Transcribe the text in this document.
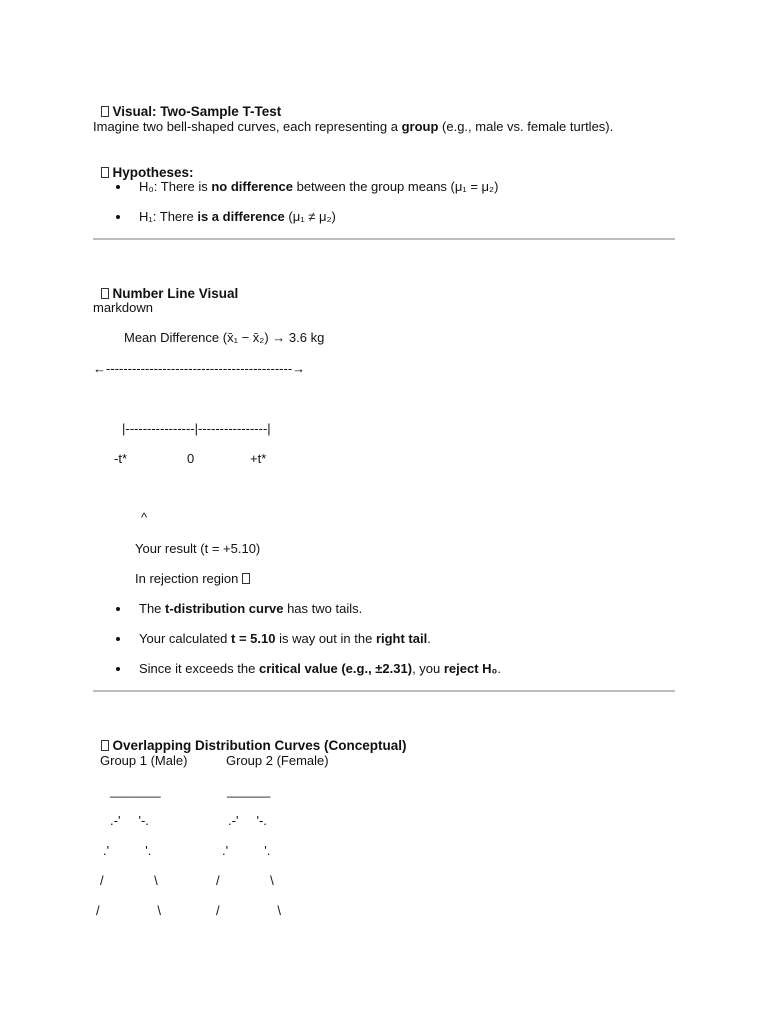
Visual: Two-Sample T-Test

Imagine two bell-shaped curves, each representing a group (e.g., male vs. female turtles).

Hypotheses:

H₀: There is no difference between the group means (μ₁ = μ₂)
H₁: There is a difference (μ₁ ≠ μ₂)

Number Line Visual

markdown
Mean Difference (x̄₁ − x̄₂) → 3.6 kg
←-------------------------------------------→
|----------------|----------------|
-t*	0	+t*
^
Your result (t = +5.10)
In rejection region
The t-distribution curve has two tails.
Your calculated t = 5.10 is way out in the right tail.
Since it exceeds the critical value (e.g., ±2.31), you reject H₀.

Overlapping Distribution Curves (Conceptual)

Group 1 (Male)	Group 2 (Female)
_______	______
.-'     '-.	.-'     '-.
.'          '.	.'          '.
/              \	/              \
/                \	/                \
